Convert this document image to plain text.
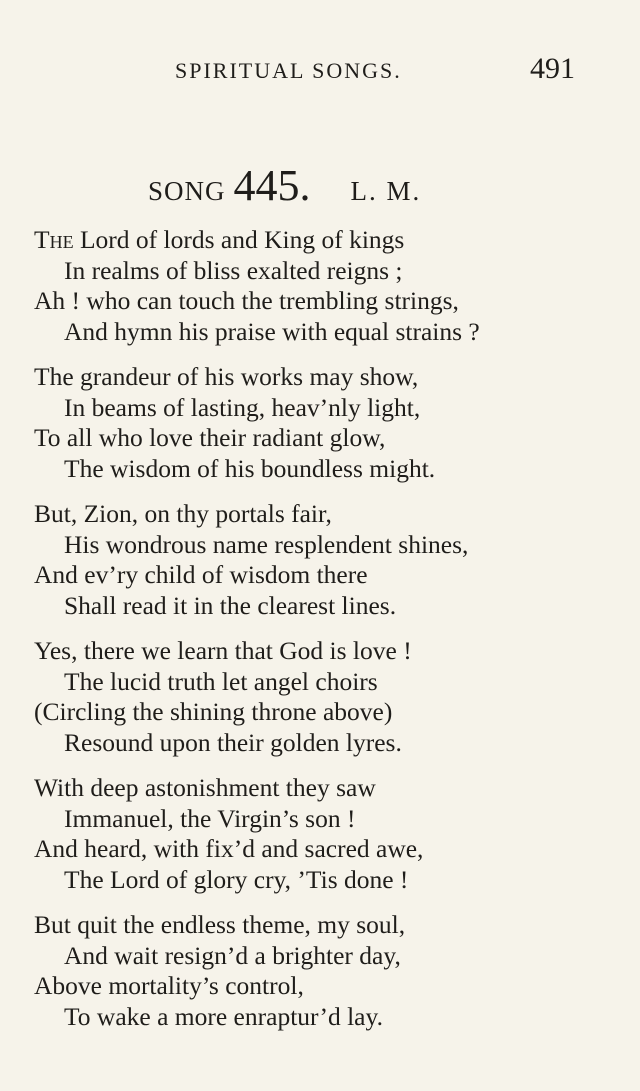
SPIRITUAL SONGS.	491
SONG 445. L. M.
The Lord of lords and King of kings
In realms of bliss exalted reigns ;
Ah ! who can touch the trembling strings,
And hymn his praise with equal strains ?
The grandeur of his works may show,
In beams of lasting, heav’nly light,
To all who love their radiant glow,
The wisdom of his boundless might.
But, Zion, on thy portals fair,
His wondrous name resplendent shines,
And ev’ry child of wisdom there
Shall read it in the clearest lines.
Yes, there we learn that God is love !
The lucid truth let angel choirs
(Circling the shining throne above)
Resound upon their golden lyres.
With deep astonishment they saw
Immanuel, the Virgin’s son !
And heard, with fix’d and sacred awe,
The Lord of glory cry, ’Tis done !
But quit the endless theme, my soul,
And wait resign’d a brighter day,
Above mortality’s control,
To wake a more enraptur’d lay.
